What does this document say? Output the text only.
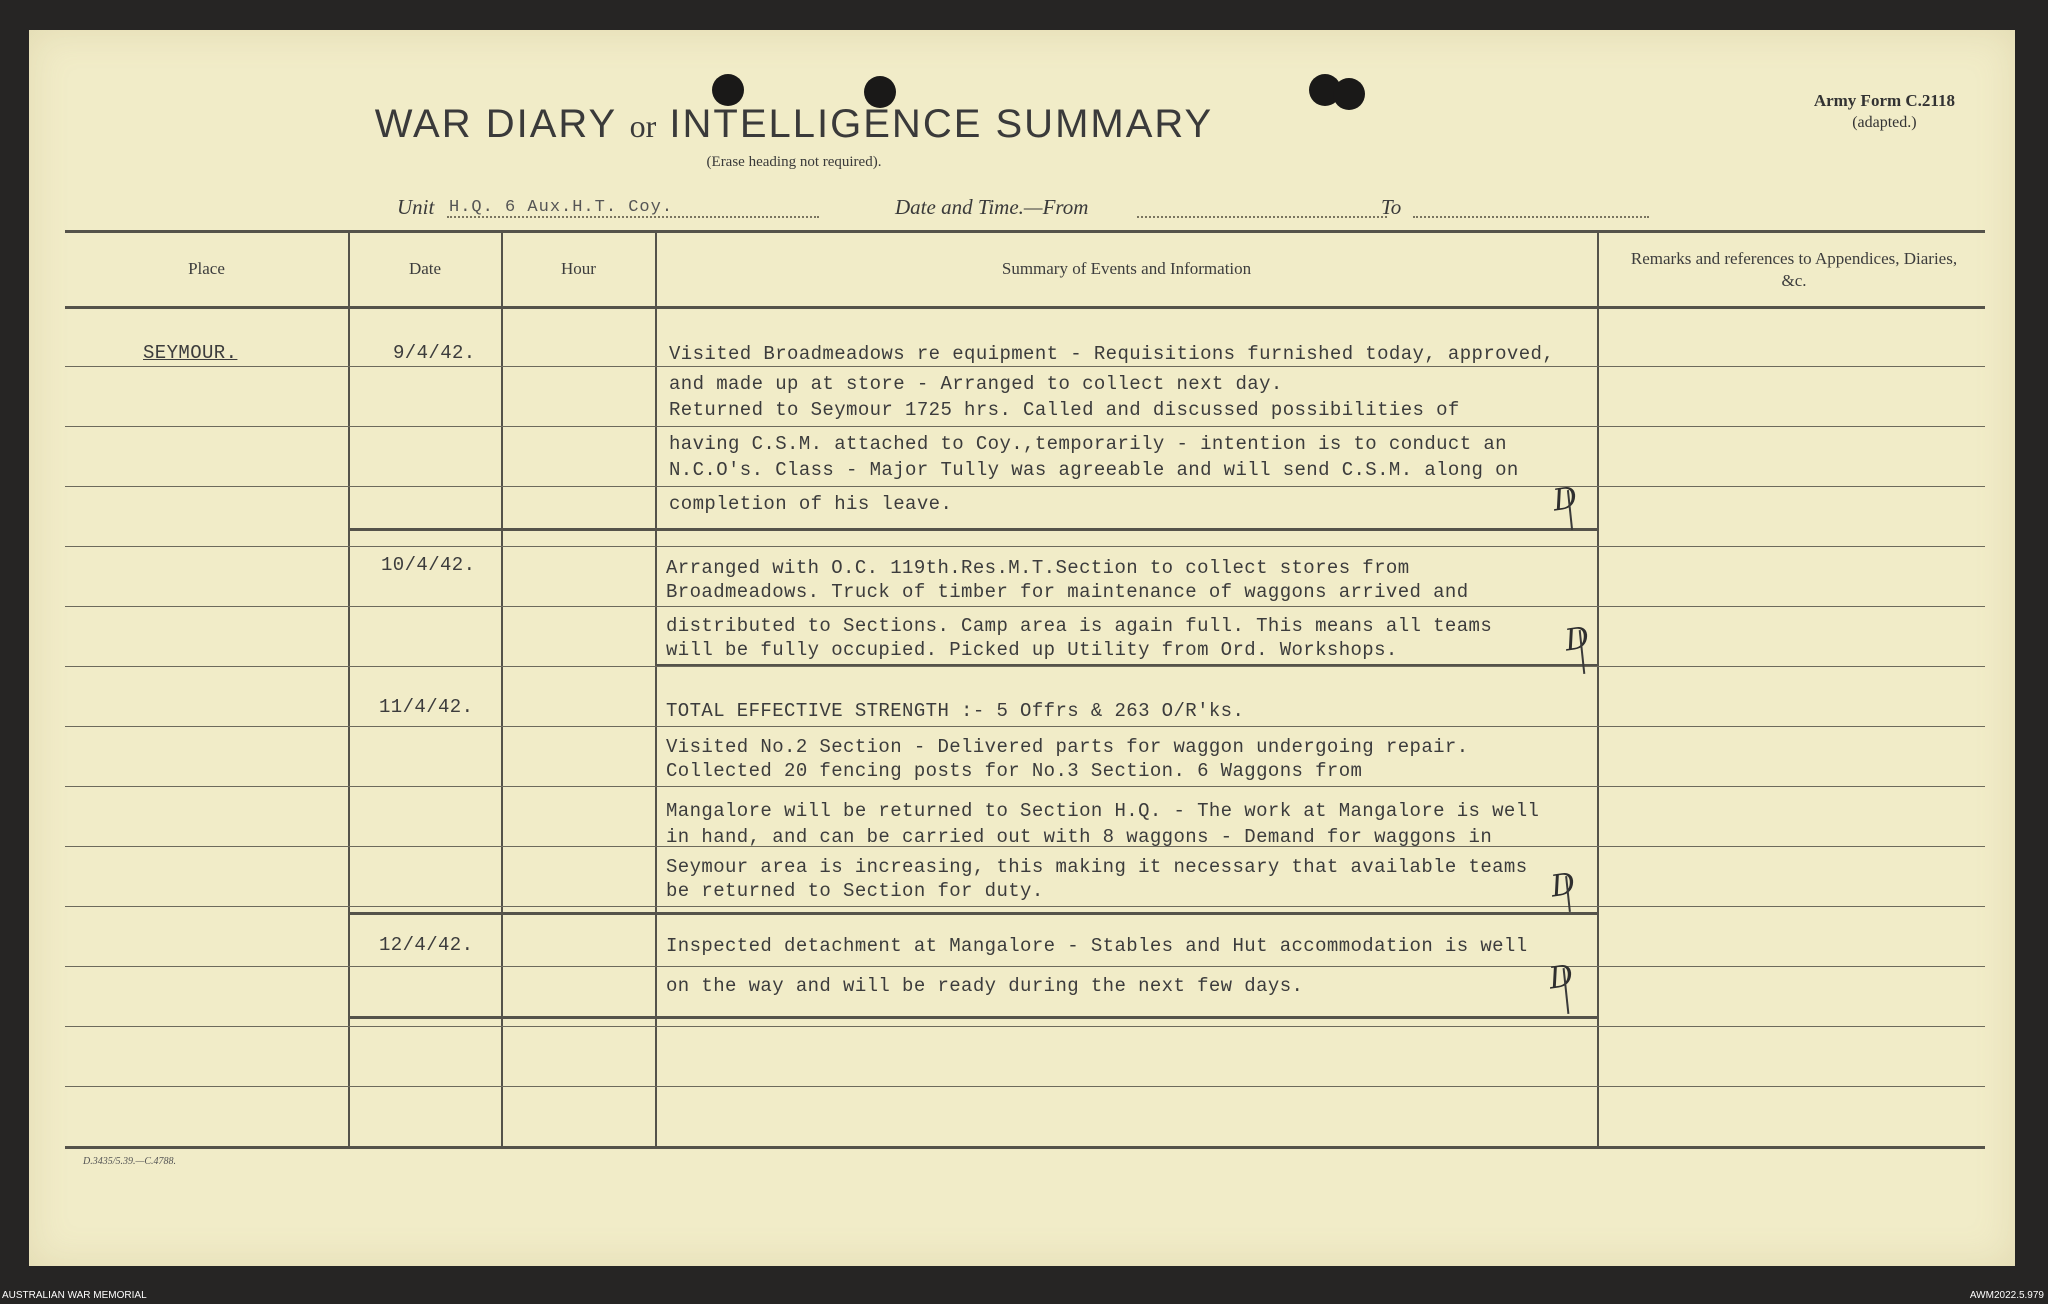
WAR DIARY or INTELLIGENCE SUMMARY
(Erase heading not required).
Army Form C.2118
(adapted.)
Unit H.Q. 6 Aux.H.T. Coy.	Date and Time.—From	To
Place	Date	Hour	Summary of Events and Information
Remarks and references to Appendices, Diaries, &c.
SEYMOUR.	9/4/42.	Visited Broadmeadows re equipment - Requisitions furnished today, approved,
and made up at store - Arranged to collect next day.
Returned to Seymour 1725 hrs. Called and discussed possibilities of
having C.S.M. attached to Coy.,temporarily - intention is to conduct an
N.C.O's. Class - Major Tully was agreeable and will send C.S.M. along on
completion of his leave.	D
10/4/42.	Arranged with O.C. 119th.Res.M.T.Section to collect stores from
Broadmeadows. Truck of timber for maintenance of waggons arrived and
distributed to Sections. Camp area is again full. This means all teams
will be fully occupied. Picked up Utility from Ord. Workshops.	D
11/4/42.	TOTAL EFFECTIVE STRENGTH :- 5 Offrs & 263 O/R'ks.
Visited No.2 Section - Delivered parts for waggon undergoing repair.
Collected 20 fencing posts for No.3 Section. 6 Waggons from
Mangalore will be returned to Section H.Q. - The work at Mangalore is well
in hand, and can be carried out with 8 waggons - Demand for waggons in
Seymour area is increasing, this making it necessary that available teams
be returned to Section for duty.	D
12/4/42.	Inspected detachment at Mangalore - Stables and Hut accommodation is well
on the way and will be ready during the next few days.	D
D.3435/5.39.—C.4788.
AUSTRALIAN WAR MEMORIAL	AWM2022.5.979
